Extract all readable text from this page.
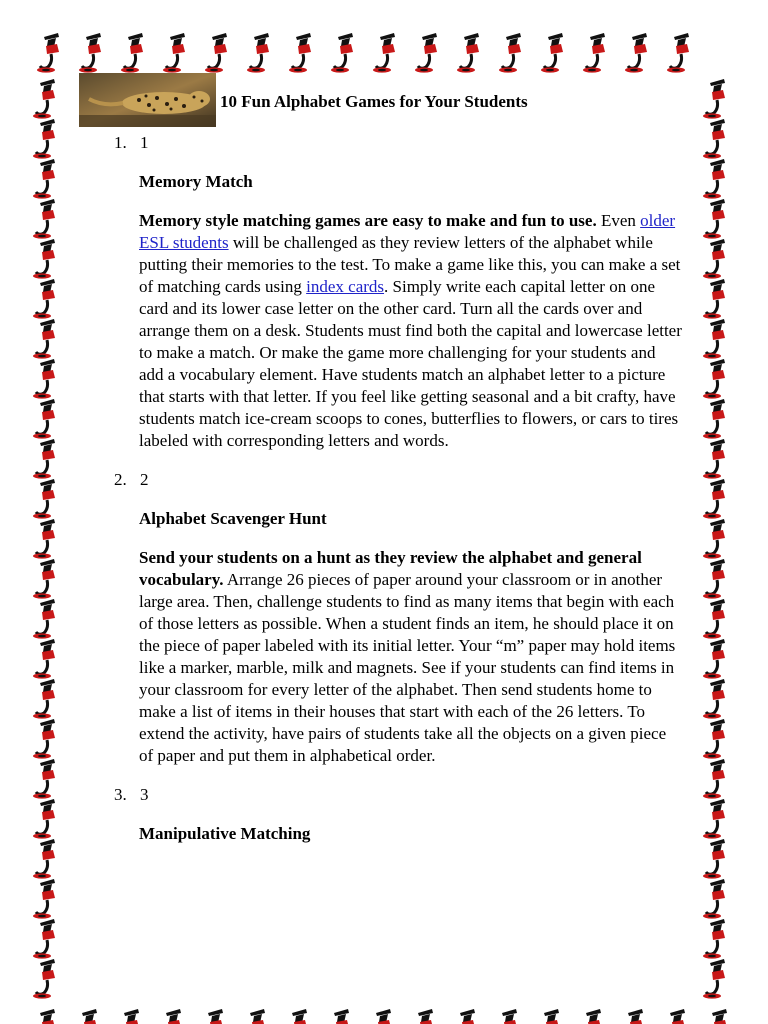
10 Fun Alphabet Games for Your Students

1. 1

Memory Match

Memory style matching games are easy to make and fun to use. Even older ESL students will be challenged as they review letters of the alphabet while putting their memories to the test. To make a game like this, you can make a set of matching cards using index cards. Simply write each capital letter on one card and its lower case letter on the other card. Turn all the cards over and arrange them on a desk. Students must find both the capital and lowercase letter to make a match. Or make the game more challenging for your students and add a vocabulary element. Have students match an alphabet letter to a picture that starts with that letter. If you feel like getting seasonal and a bit crafty, have students match ice-cream scoops to cones, butterflies to flowers, or cars to tires labeled with corresponding letters and words.

2. 2

Alphabet Scavenger Hunt

Send your students on a hunt as they review the alphabet and general vocabulary. Arrange 26 pieces of paper around your classroom or in another large area. Then, challenge students to find as many items that begin with each of those letters as possible. When a student finds an item, he should place it on the piece of paper labeled with its initial letter. Your “m” paper may hold items like a marker, marble, milk and magnets. See if your students can find items in your classroom for every letter of the alphabet. Then send students home to make a list of items in their houses that start with each of the 26 letters. To extend the activity, have pairs of students take all the objects on a given piece of paper and put them in alphabetical order.

3. 3

Manipulative Matching
